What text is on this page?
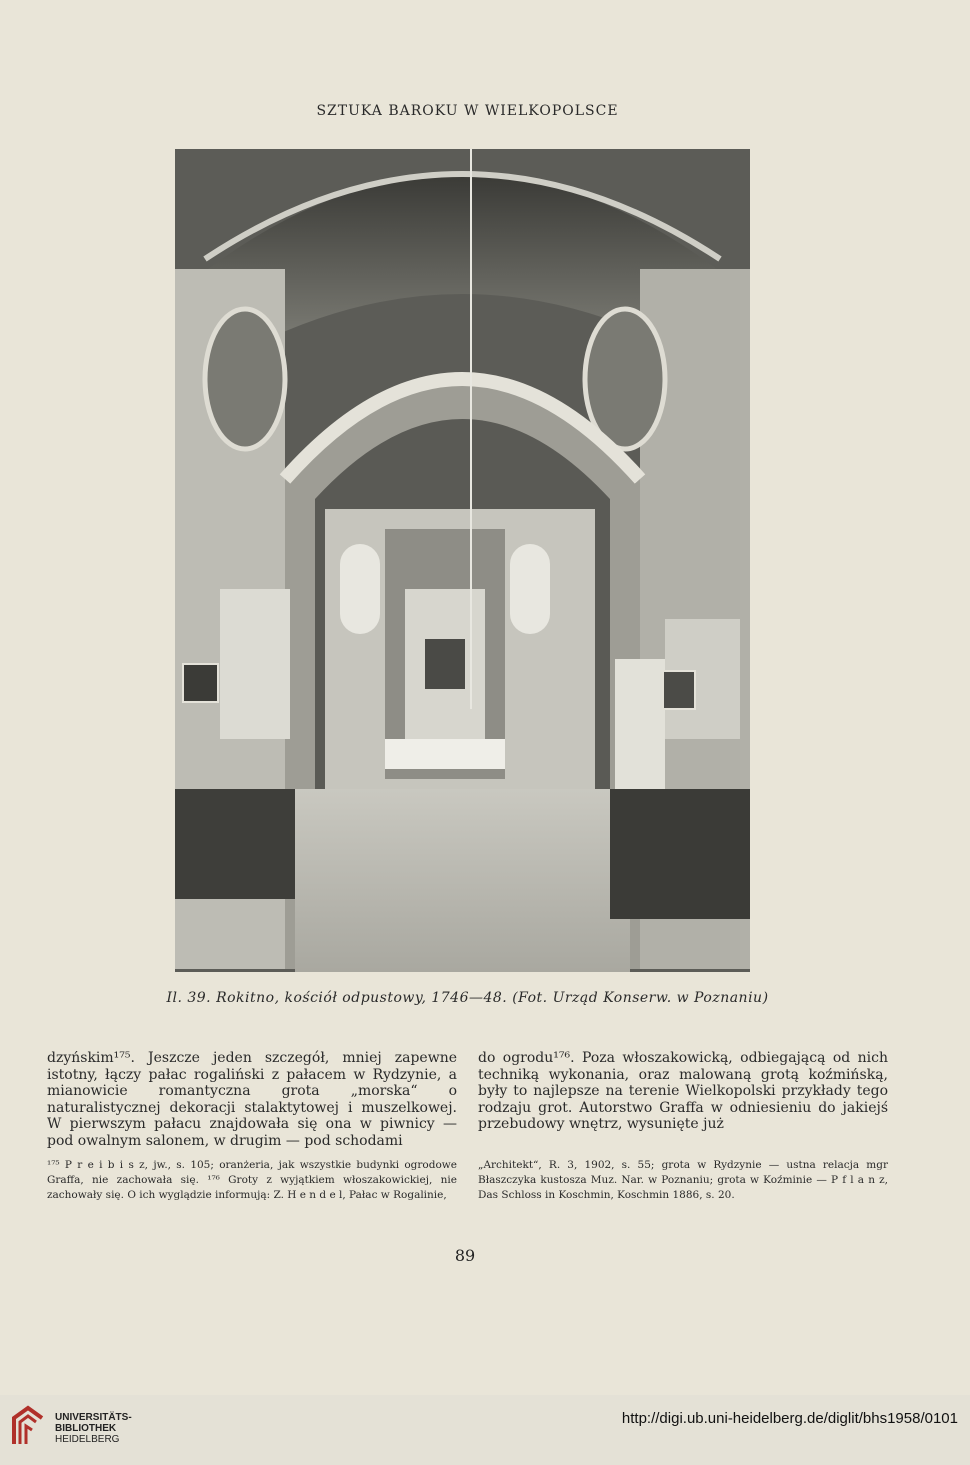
SZTUKA BAROKU W WIELKOPOLSCE
Il. 39. Rokitno, kościół odpustowy, 1746—48. (Fot. Urząd Konserw. w Poznaniu)

dzyńskim¹⁷⁵. Jeszcze jeden szczegół, mniej zapewne istotny, łączy pałac rogaliński z pałacem w Rydzynie, a mianowicie romantyczna grota „morska“ o naturalistycznej dekoracji stalaktytowej i muszelkowej. W pierwszym pałacu znajdowała się ona w piwnicy — pod owalnym salonem, w drugim — pod schodami

do ogrodu¹⁷⁶. Poza włoszakowicką, odbiegającą od nich techniką wykonania, oraz malowaną grotą koźmińską, były to najlepsze na terenie Wielkopolski przykłady tego rodzaju grot. Autorstwo Graffa w odniesieniu do jakiejś przebudowy wnętrz, wysunięte już

¹⁷⁵ P r e i b i s z, jw., s. 105; oranżeria, jak wszystkie budynki ogrodowe Graffa, nie zachowała się. ¹⁷⁶ Groty z wyjątkiem włoszakowickiej, nie zachowały się. O ich wyglądzie informują: Z. H e n d e l, Pałac w Rogalinie,

„Architekt“, R. 3, 1902, s. 55; grota w Rydzynie — ustna relacja mgr Błaszczyka kustosza Muz. Nar. w Poznaniu; grota w Koźminie — P f l a n z, Das Schloss in Koschmin, Koschmin 1886, s. 20.

89
UNIVERSITÄTS-
BIBLIOTHEK
HEIDELBERG
http://digi.ub.uni-heidelberg.de/diglit/bhs1958/0101
